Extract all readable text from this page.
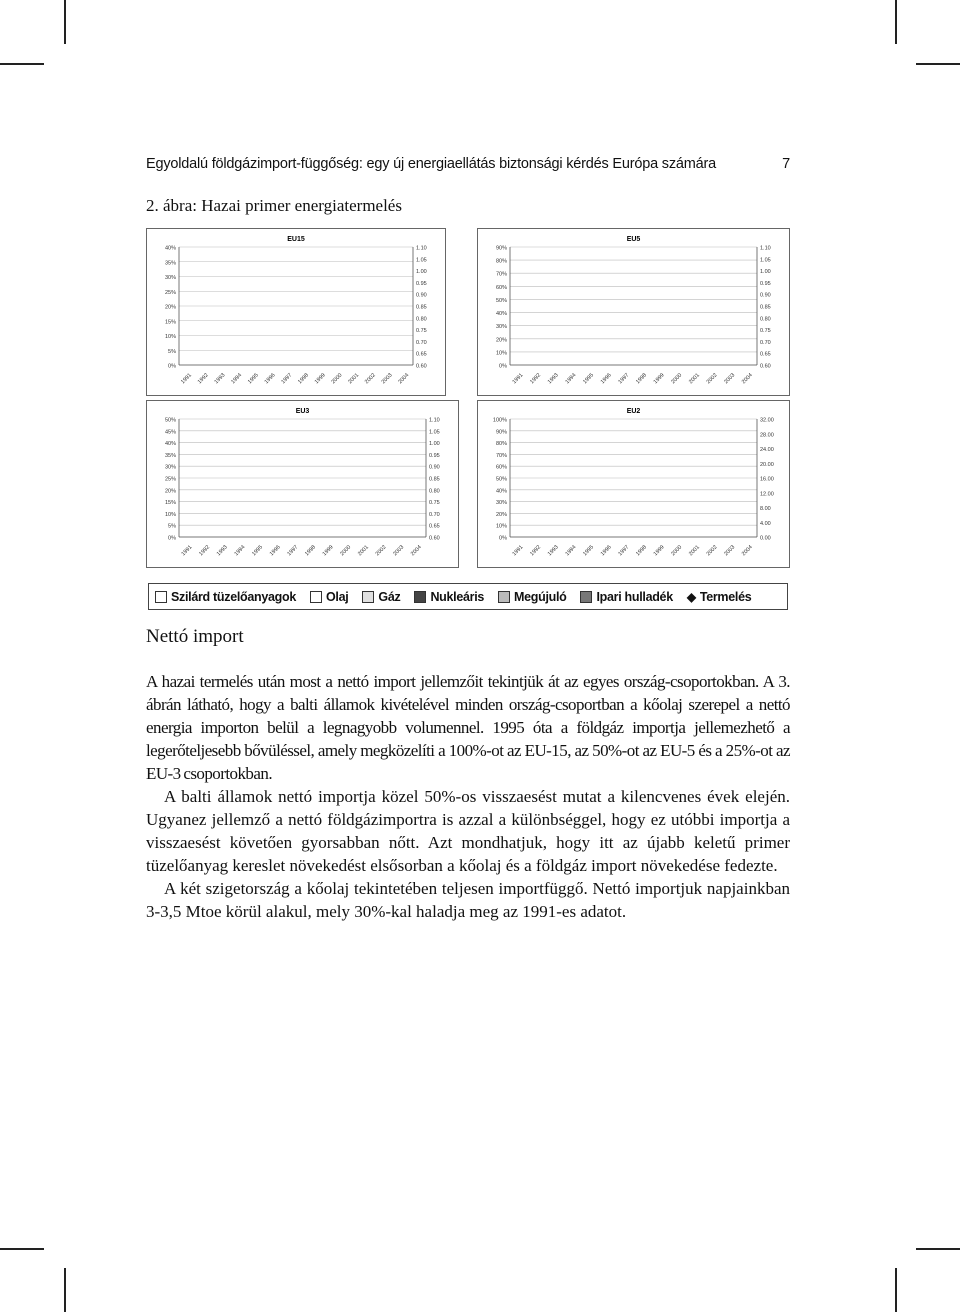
Egyoldalú földgázimport-függőség: egy új energiaellátás biztonsági kérdés Európa számára	7
2. ábra: Hazai primer energiatermelés
EU15
40%
35%
30%
25%
20%
15%
10%
5%
0%
1.10
1.05
1.00
0.95
0.90
0.85
0.80
0.75
0.70
0.65
0.60
1991 1992 1993 1994 1995 1996 1997 1998 1999 2000 2001 2002 2003 2004
EU5
90%
80%
70%
60%
50%
40%
30%
20%
10%
0%
1.10
1.05
1.00
0.95
0.90
0.85
0.80
0.75
0.70
0.65
0.60
1991 1992 1993 1994 1995 1996 1997 1998 1999 2000 2001 2002 2003 2004
EU3
50%
45%
40%
35%
30%
25%
20%
15%
10%
5%
0%
1.10
1.05
1.00
0.95
0.90
0.85
0.80
0.75
0.70
0.65
0.60
1991 1992 1993 1994 1995 1996 1997 1998 1999 2000 2001 2002 2003 2004
EU2
100%
90%
80%
70%
60%
50%
40%
30%
20%
10%
0%
32.00
28.00
24.00
20.00
16.00
12.00
8.00
4.00
0.00
1991 1992 1993 1994 1995 1996 1997 1998 1999 2000 2001 2002 2003 2004
Szilárd tüzelőanyagok Olaj Gáz Nukleáris Megújuló Ipari hulladék ◆ Termelés
Nettó import

A hazai termelés után most a nettó import jellemzőit tekintjük át az egyes ország-csoportokban. A 3. ábrán látható, hogy a balti államok kivételével minden ország-csoportban a kőolaj szerepel a nettó energia importon belül a legnagyobb volumennel. 1995 óta a földgáz importja jellemezhető a legerőteljesebb bővüléssel, amely megközelíti a 100%-ot az EU-15, az 50%-ot az EU-5 és a 25%-ot az EU-3 csoportokban.

A balti államok nettó importja közel 50%-os visszaesést mutat a kilencvenes évek elején. Ugyanez jellemző a nettó földgázimportra is azzal a különbséggel, hogy ez utóbbi importja a visszaesést követően gyorsabban nőtt. Azt mondhatjuk, hogy itt az újabb keletű primer tüzelőanyag kereslet növekedést elsősorban a kőolaj és a földgáz import növekedése fedezte.

A két szigetország a kőolaj tekintetében teljesen importfüggő. Nettó importjuk napjainkban 3-3,5 Mtoe körül alakul, mely 30%-kal haladja meg az 1991-es adatot.
